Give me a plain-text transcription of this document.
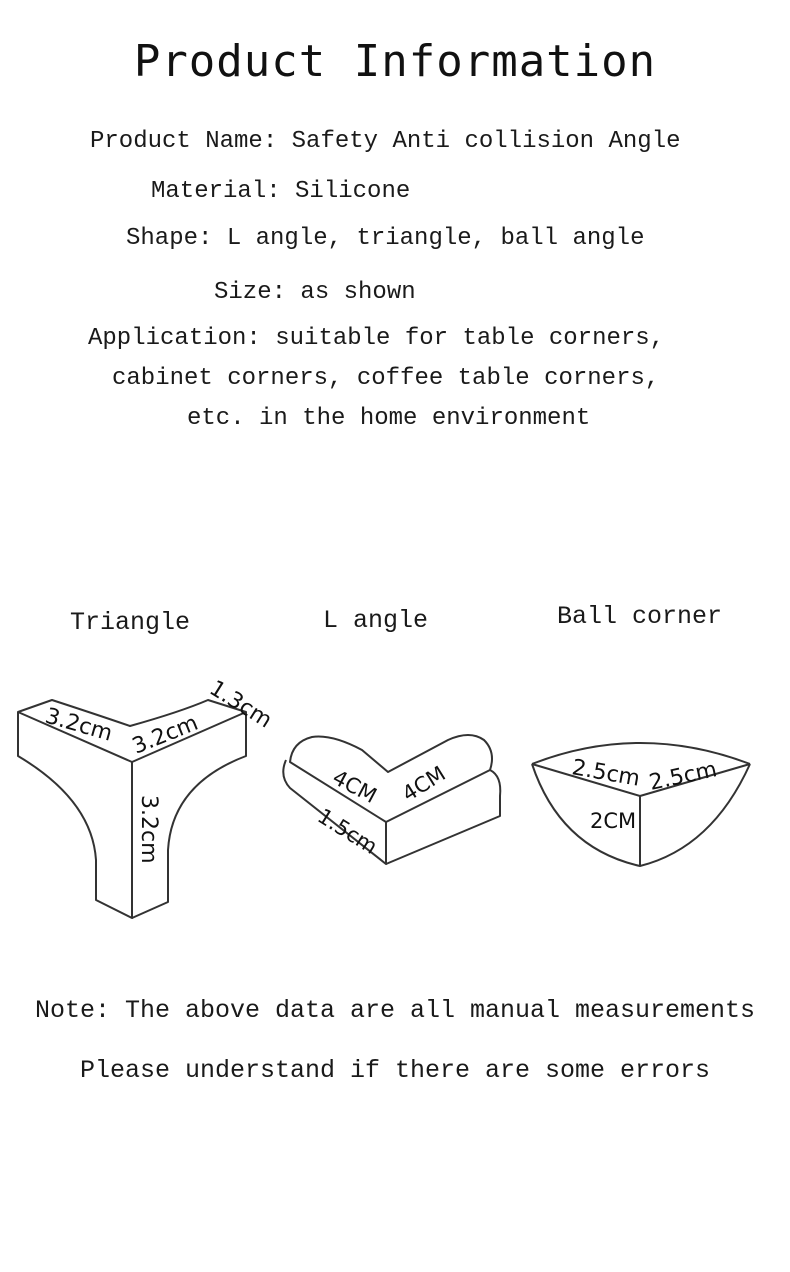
Product Information
Product Name: Safety Anti collision Angle
Material: Silicone
Shape: L angle, triangle, ball angle
Size: as shown
Application: suitable for table corners,
cabinet corners, coffee table corners,
etc. in the home environment
Triangle	L angle	Ball corner
3.2cm 3.2cm
1.3cm
3.2cm
4CM 4CM
1.5cm
2.5cm 2.5cm
2CM
Note: The above data are all manual measurements
Please understand if there are some errors
